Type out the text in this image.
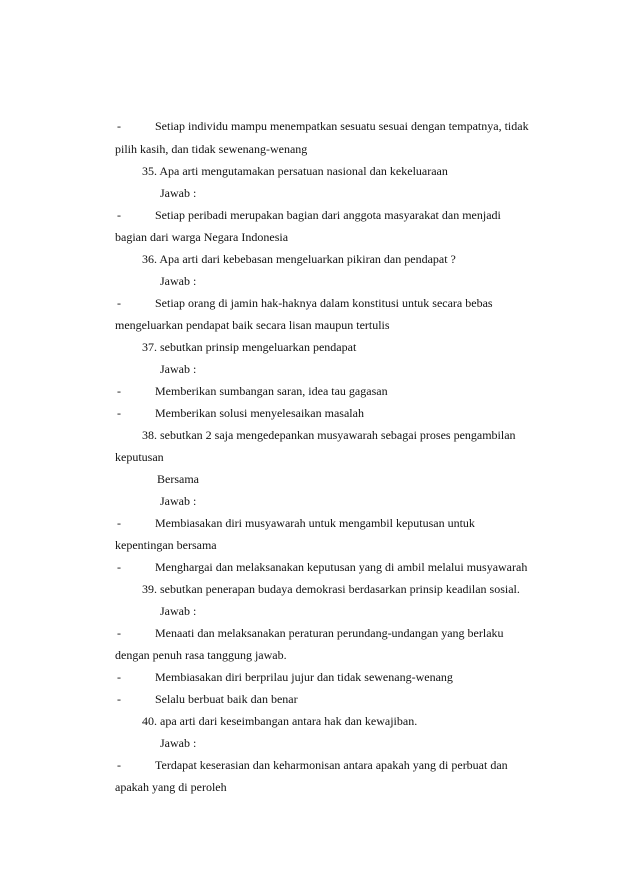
-	Setiap individu mampu menempatkan sesuatu sesuai dengan tempatnya, tidak
pilih kasih, dan tidak sewenang-wenang
35. Apa arti mengutamakan persatuan nasional dan kekeluaraan
Jawab :
-	Setiap peribadi merupakan bagian dari anggota masyarakat dan menjadi
bagian dari warga Negara Indonesia
36. Apa arti dari kebebasan mengeluarkan pikiran dan pendapat ?
Jawab :
-	Setiap orang di jamin hak-haknya dalam konstitusi untuk secara bebas
mengeluarkan pendapat baik secara lisan maupun tertulis
37. sebutkan prinsip mengeluarkan pendapat
Jawab :
-	Memberikan sumbangan saran, idea tau gagasan
-	Memberikan solusi menyelesaikan masalah
38. sebutkan 2 saja mengedepankan musyawarah sebagai proses pengambilan
keputusan
Bersama
Jawab :
-	Membiasakan diri musyawarah untuk mengambil keputusan untuk
kepentingan bersama
-	Menghargai dan melaksanakan keputusan yang di ambil melalui musyawarah
39. sebutkan penerapan budaya demokrasi berdasarkan prinsip keadilan sosial.
Jawab :
-	Menaati dan melaksanakan peraturan perundang-undangan yang berlaku
dengan penuh rasa tanggung jawab.
-	Membiasakan diri berprilau jujur dan tidak sewenang-wenang
-	Selalu berbuat baik dan benar
40. apa arti dari keseimbangan antara hak dan kewajiban.
Jawab :
-	Terdapat keserasian dan keharmonisan antara apakah yang di perbuat dan
apakah yang di peroleh
